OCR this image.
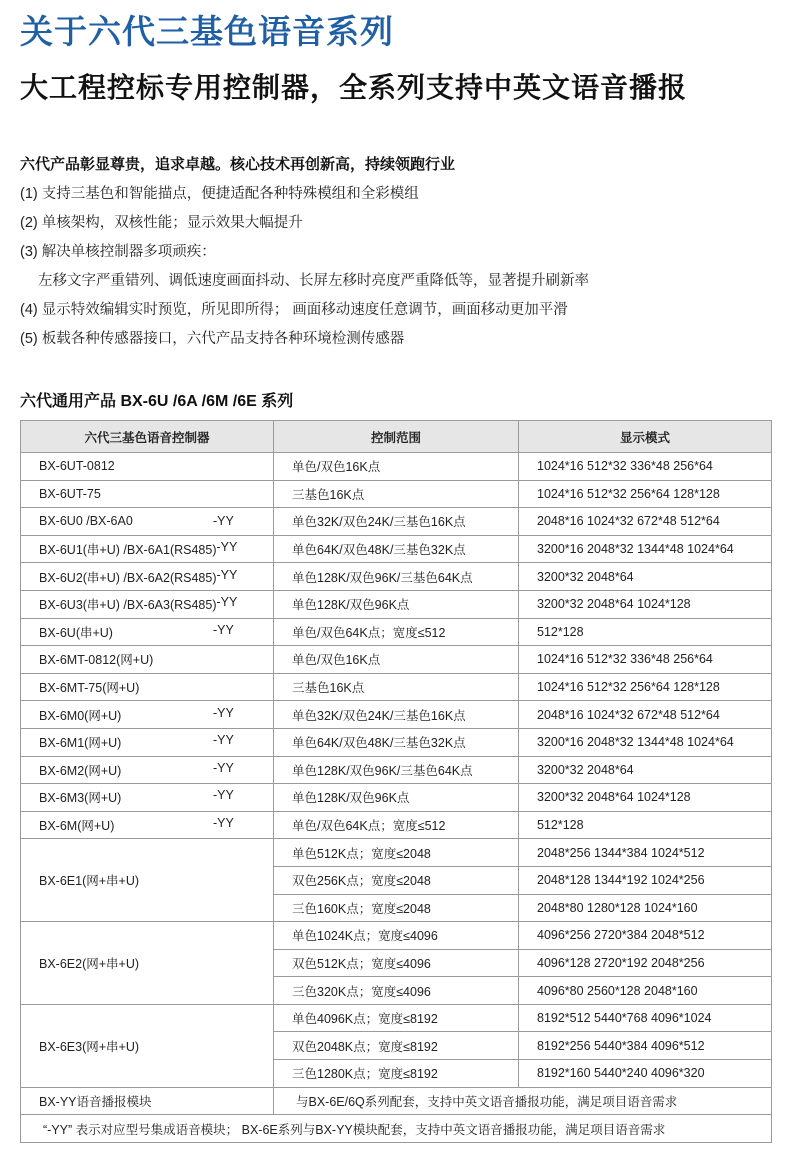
关于六代三基色语音系列
大工程控标专用控制器，全系列支持中英文语音播报
六代产品彰显尊贵，追求卓越。核心技术再创新高，持续领跑行业
(1) 支持三基色和智能描点，便捷适配各种特殊模组和全彩模组
(2) 单核架构，双核性能；显示效果大幅提升
(3) 解决单核控制器多项顽疾：
左移文字严重错列、调低速度画面抖动、长屏左移时亮度严重降低等，显著提升刷新率
(4) 显示特效编辑实时预览，所见即所得； 画面移动速度任意调节，画面移动更加平滑
(5) 板载各种传感器接口，六代产品支持各种环境检测传感器
六代通用产品 BX-6U /6A /6M /6E 系列
六代三基色语音控制器	控制范围	显示模式

BX-6UT-0812	单色/双色16K点	1024*16 512*32 336*48 256*64

BX-6UT-75	三基色16K点	1024*16 512*32 256*64 128*128

BX-6U0 /BX-6A0 -YY	单色32K/双色24K/三基色16K点	2048*16 1024*32 672*48 512*64

BX-6U1(串+U) /BX-6A1(RS485) -YY	单色64K/双色48K/三基色32K点	3200*16 2048*32 1344*48 1024*64

BX-6U2(串+U) /BX-6A2(RS485) -YY	单色128K/双色96K/三基色64K点	3200*32 2048*64

BX-6U3(串+U) /BX-6A3(RS485) -YY	单色128K/双色96K点	3200*32 2048*64 1024*128

BX-6U(串+U) -YY	单色/双色64K点；宽度≤512	512*128

BX-6MT-0812(网+U)	单色/双色16K点	1024*16 512*32 336*48 256*64

BX-6MT-75(网+U)	三基色16K点	1024*16 512*32 256*64 128*128

BX-6M0(网+U) -YY	单色32K/双色24K/三基色16K点	2048*16 1024*32 672*48 512*64

BX-6M1(网+U) -YY	单色64K/双色48K/三基色32K点	3200*16 2048*32 1344*48 1024*64

BX-6M2(网+U) -YY	单色128K/双色96K/三基色64K点	3200*32 2048*64

BX-6M3(网+U) -YY	单色128K/双色96K点	3200*32 2048*64 1024*128

BX-6M(网+U) -YY	单色/双色64K点；宽度≤512	512*128
BX-6E1(网+串+U)	单色512K点；宽度≤2048	2048*256 1344*384 1024*512
	双色256K点；宽度≤2048	2048*128 1344*192 1024*256
	三色160K点；宽度≤2048	2048*80 1280*128 1024*160
BX-6E2(网+串+U)	单色1024K点；宽度≤4096	4096*256 2720*384 2048*512
	双色512K点；宽度≤4096	4096*128 2720*192 2048*256
	三色320K点；宽度≤4096	4096*80 2560*128 2048*160
BX-6E3(网+串+U)	单色4096K点；宽度≤8192	8192*512 5440*768 4096*1024
	双色2048K点；宽度≤8192	8192*256 5440*384 4096*512
	三色1280K点；宽度≤8192	8192*160 5440*240 4096*320
BX-YY语音播报模块	与BX-6E/6Q系列配套，支持中英文语音播报功能，满足项目语音需求	
“-YY” 表示对应型号集成语音模块； BX-6E系列与BX-YY模块配套，支持中英文语音播报功能，满足项目语音需求		
